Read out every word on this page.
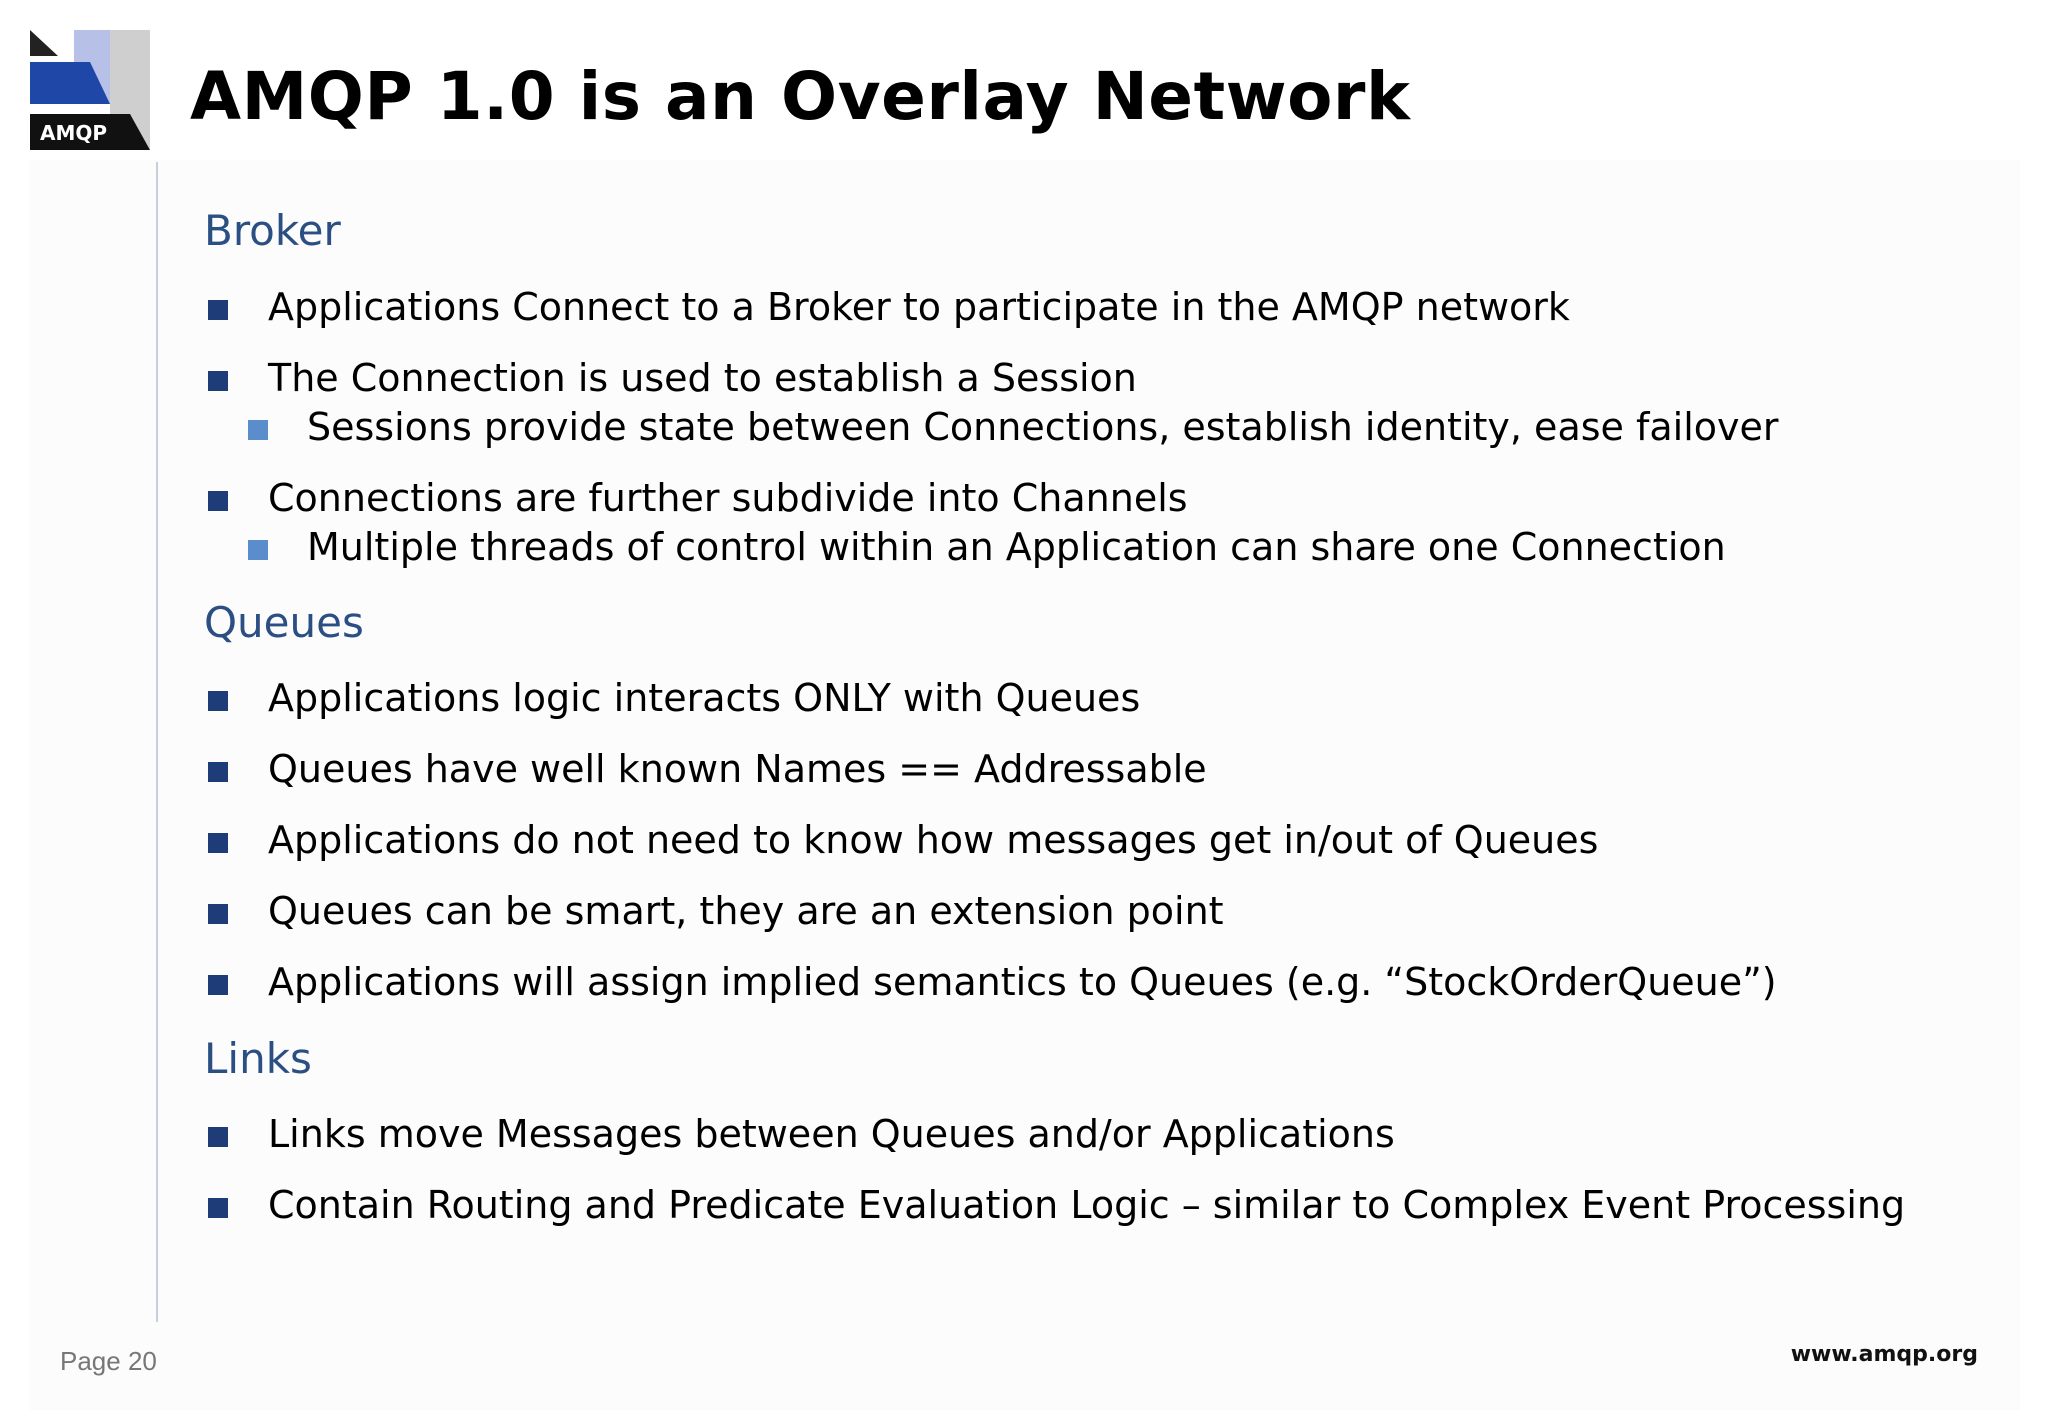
AMQP AMQP 1.0 is an Overlay Network
Broker
Applications Connect to a Broker to participate in the AMQP network
The Connection is used to establish a Session
Sessions provide state between Connections, establish identity, ease failover
Connections are further subdivide into Channels
Multiple threads of control within an Application can share one Connection
Queues
Applications logic interacts ONLY with Queues
Queues have well known Names == Addressable
Applications do not need to know how messages get in/out of Queues
Queues can be smart, they are an extension point
Applications will assign implied semantics to Queues (e.g. “StockOrderQueue”)
Links
Links move Messages between Queues and/or Applications
Contain Routing and Predicate Evaluation Logic – similar to Complex Event Processing
Page 20	www.amqp.org
